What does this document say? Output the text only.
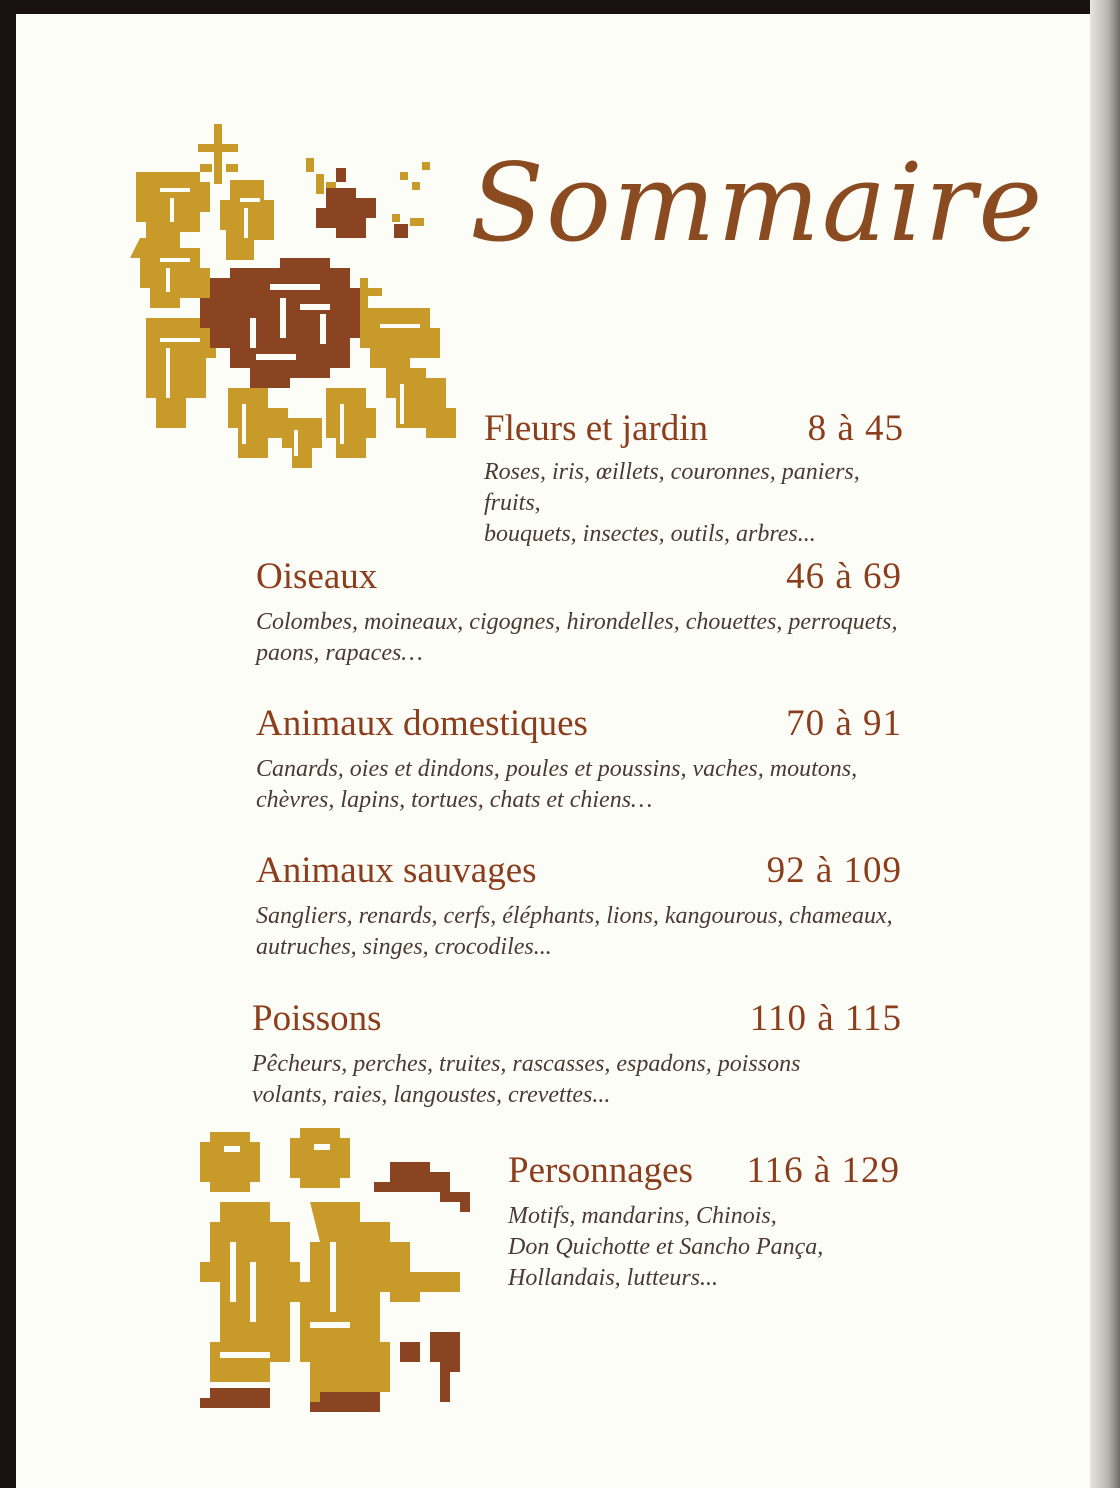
Sommaire
Fleurs et jardin	8 à 45
Roses, iris, œillets, couronnes, paniers, fruits,
bouquets, insectes, outils, arbres...
Oiseaux	46 à 69
Colombes, moineaux, cigognes, hirondelles, chouettes, perroquets,
paons, rapaces…
Animaux domestiques	70 à 91
Canards, oies et dindons, poules et poussins, vaches, moutons,
chèvres, lapins, tortues, chats et chiens…
Animaux sauvages	92 à 109
Sangliers, renards, cerfs, éléphants, lions, kangourous, chameaux,
autruches, singes, crocodiles...
Poissons	110 à 115
Pêcheurs, perches, truites, rascasses, espadons, poissons
volants, raies, langoustes, crevettes...
Personnages 116 à 129
Motifs, mandarins, Chinois,
Don Quichotte et Sancho Pança,
Hollandais, lutteurs...
